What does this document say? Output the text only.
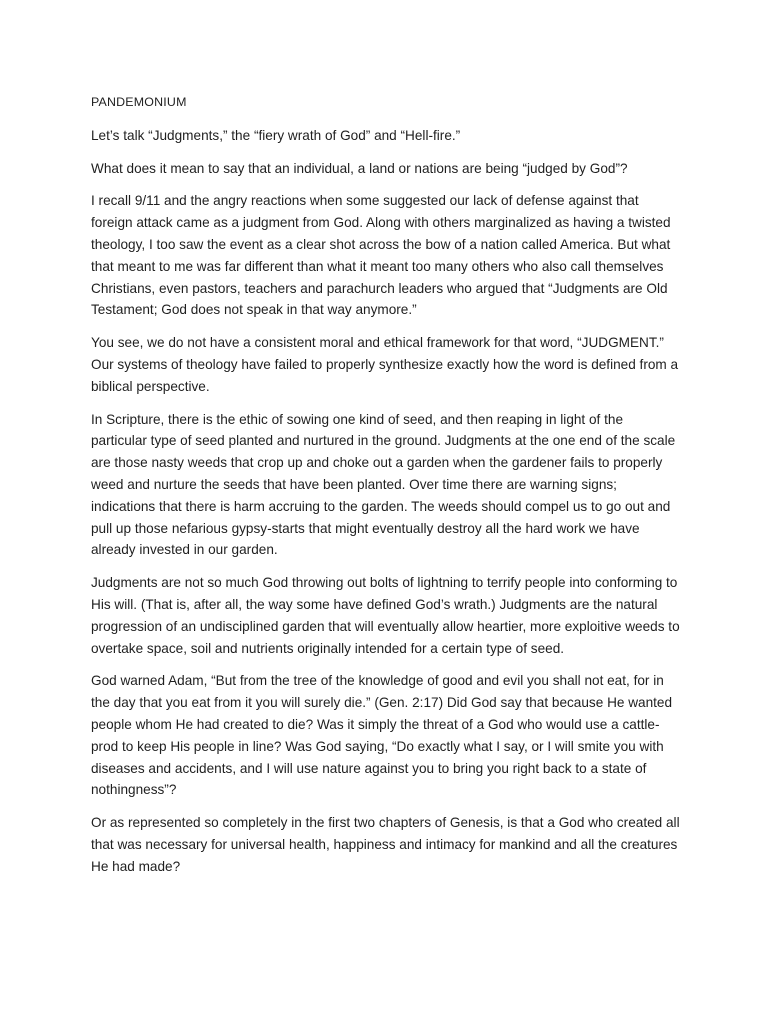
PANDEMONIUM

Let’s talk “Judgments,” the “fiery wrath of God” and “Hell-fire.”

What does it mean to say that an individual, a land or nations are being “judged by God”?

I recall 9/11 and the angry reactions when some suggested our lack of defense against that foreign attack came as a judgment from God. Along with others marginalized as having a twisted theology, I too saw the event as a clear shot across the bow of a nation called America. But what that meant to me was far different than what it meant too many others who also call themselves Christians, even pastors, teachers and parachurch leaders who argued that “Judgments are Old Testament; God does not speak in that way anymore.”

You see, we do not have a consistent moral and ethical framework for that word, “JUDGMENT.” Our systems of theology have failed to properly synthesize exactly how the word is defined from a biblical perspective.

In Scripture, there is the ethic of sowing one kind of seed, and then reaping in light of the particular type of seed planted and nurtured in the ground. Judgments at the one end of the scale are those nasty weeds that crop up and choke out a garden when the gardener fails to properly weed and nurture the seeds that have been planted. Over time there are warning signs; indications that there is harm accruing to the garden. The weeds should compel us to go out and pull up those nefarious gypsy-starts that might eventually destroy all the hard work we have already invested in our garden.

Judgments are not so much God throwing out bolts of lightning to terrify people into conforming to His will. (That is, after all, the way some have defined God’s wrath.) Judgments are the natural progression of an undisciplined garden that will eventually allow heartier, more exploitive weeds to overtake space, soil and nutrients originally intended for a certain type of seed.

God warned Adam, “But from the tree of the knowledge of good and evil you shall not eat, for in the day that you eat from it you will surely die.” (Gen. 2:17) Did God say that because He wanted people whom He had created to die? Was it simply the threat of a God who would use a cattle-prod to keep His people in line? Was God saying, “Do exactly what I say, or I will smite you with diseases and accidents, and I will use nature against you to bring you right back to a state of nothingness”?

Or as represented so completely in the first two chapters of Genesis, is that a God who created all that was necessary for universal health, happiness and intimacy for mankind and all the creatures He had made?
